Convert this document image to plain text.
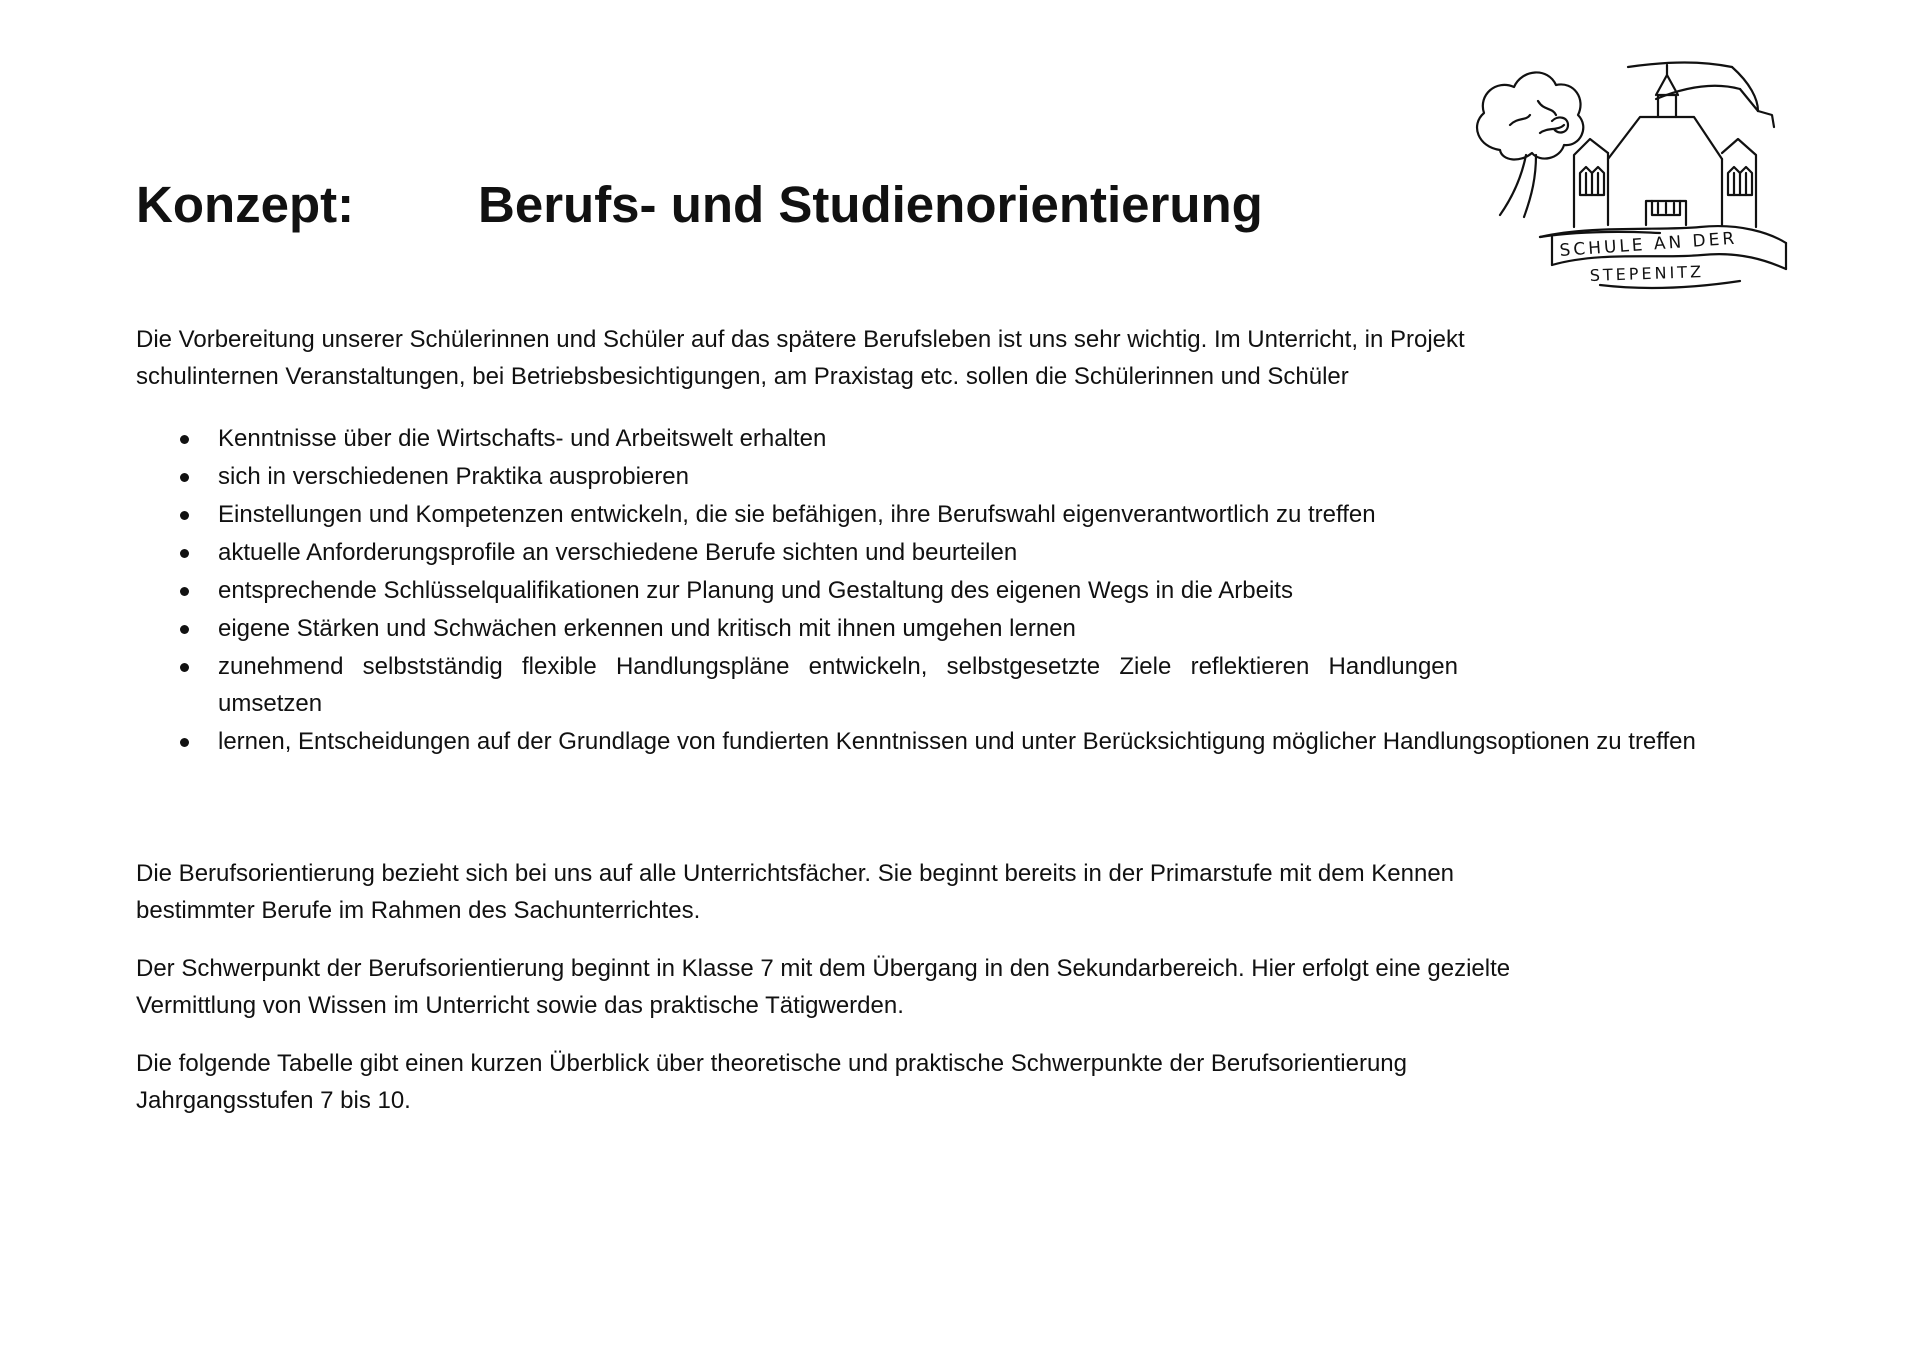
Konzept: Berufs- und Studienorientierung
SCHULE AN DER
STEPENITZ

Die Vorbereitung unserer Schülerinnen und Schüler auf das spätere Berufsleben ist uns sehr wichtig. Im Unterricht, in Projekt

schulinternen Veranstaltungen, bei Betriebsbesichtigungen, am Praxistag etc. sollen die Schülerinnen und Schüler

Kenntnisse über die Wirtschafts- und Arbeitswelt erhalten
sich in verschiedenen Praktika ausprobieren
Einstellungen und Kompetenzen entwickeln, die sie befähigen, ihre Berufswahl eigenverantwortlich zu treffen
aktuelle Anforderungsprofile an verschiedene Berufe sichten und beurteilen
entsprechende Schlüsselqualifikationen zur Planung und Gestaltung des eigenen Wegs in die Arbeits
eigene Stärken und Schwächen erkennen und kritisch mit ihnen umgehen lernen
zunehmend selbstständig flexible Handlungspläne entwickeln, selbstgesetzte Ziele reflektieren Handlungen umsetzen
lernen, Entscheidungen auf der Grundlage von fundierten Kenntnissen und unter Berücksichtigung möglicher Handlungsoptionen zu treffen

Die Berufsorientierung bezieht sich bei uns auf alle Unterrichtsfächer. Sie beginnt bereits in der Primarstufe mit dem Kennen

bestimmter Berufe im Rahmen des Sachunterrichtes.

Der Schwerpunkt der Berufsorientierung beginnt in Klasse 7 mit dem Übergang in den Sekundarbereich. Hier erfolgt eine gezielte

Vermittlung von Wissen im Unterricht sowie das praktische Tätigwerden.

Die folgende Tabelle gibt einen kurzen Überblick über theoretische und praktische Schwerpunkte der Berufsorientierung

Jahrgangsstufen 7 bis 10.
